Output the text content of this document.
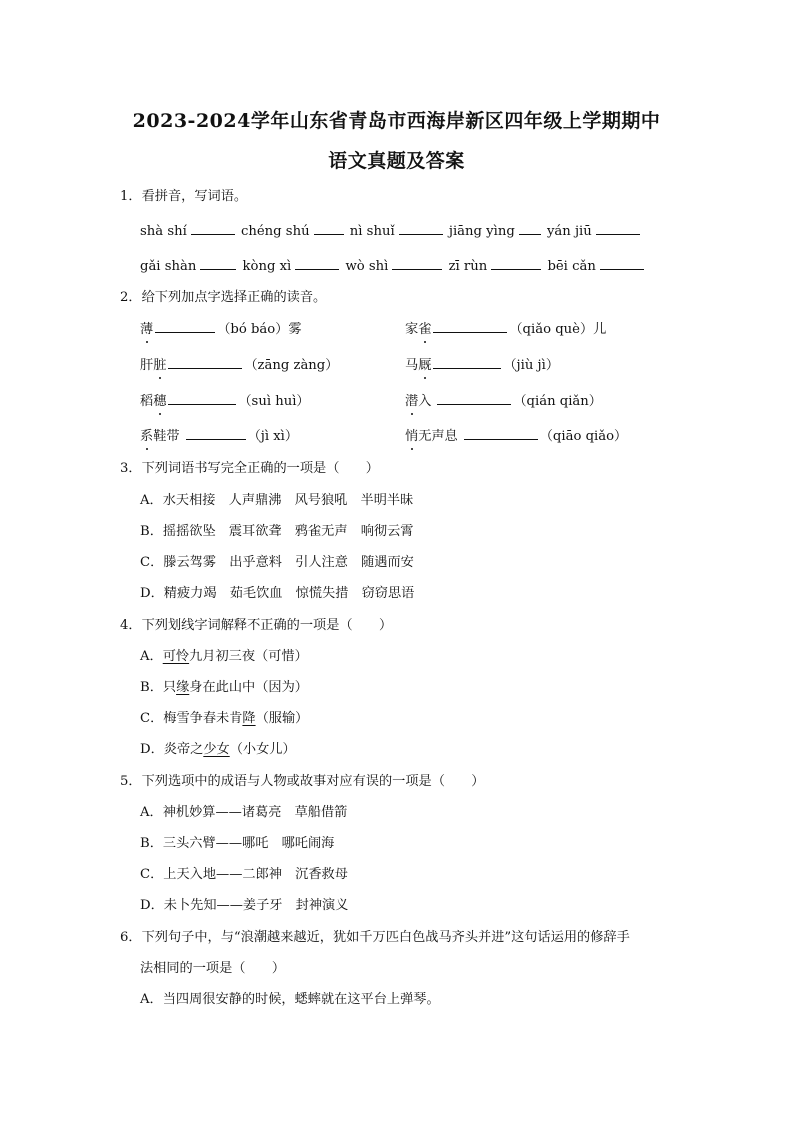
2023-2024学年山东省青岛市西海岸新区四年级上学期期中
语文真题及答案
1．看拼音，写词语。
shà shí	chéng shú	nì shuǐ	jiāng yìng yán jiū
gǎi shàn	kòng xì	wò shì	zī rùn	bēi cǎn
2．给下列加点字选择正确的读音。
薄	（bó báo）雾	家雀	（qiǎo què）儿
肝脏	（zāng zàng）	马厩	（jiù jì）
稻穗	（suì huì）	潜入	（qián qiǎn）
系鞋带	（jì xì）	悄无声息	（qiāo qiǎo）
3．下列词语书写完全正确的一项是（　　）
A．水天相接　人声鼎沸　风号狼吼　半明半昧
B．摇摇欲坠　震耳欲聋　鸦雀无声　响彻云霄
C．滕云驾雾　出乎意料　引人注意　随遇而安
D．精疲力竭　茹毛饮血　惊慌失措　窃窃思语
4．下列划线字词解释不正确的一项是（　　）
A．可怜九月初三夜（可惜）
B．只缘身在此山中（因为）
C．梅雪争春未肯降（服输）
D．炎帝之少女（小女儿）
5．下列选项中的成语与人物或故事对应有误的一项是（　　）
A．神机妙算——诸葛亮　草船借箭
B．三头六臂——哪吒　哪吒闹海
C．上天入地——二郎神　沉香救母
D．未卜先知——姜子牙　封神演义
6．下列句子中，与“浪潮越来越近，犹如千万匹白色战马齐头并进”这句话运用的修辞手
法相同的一项是（　　）
A．当四周很安静的时候，蟋蟀就在这平台上弹琴。
